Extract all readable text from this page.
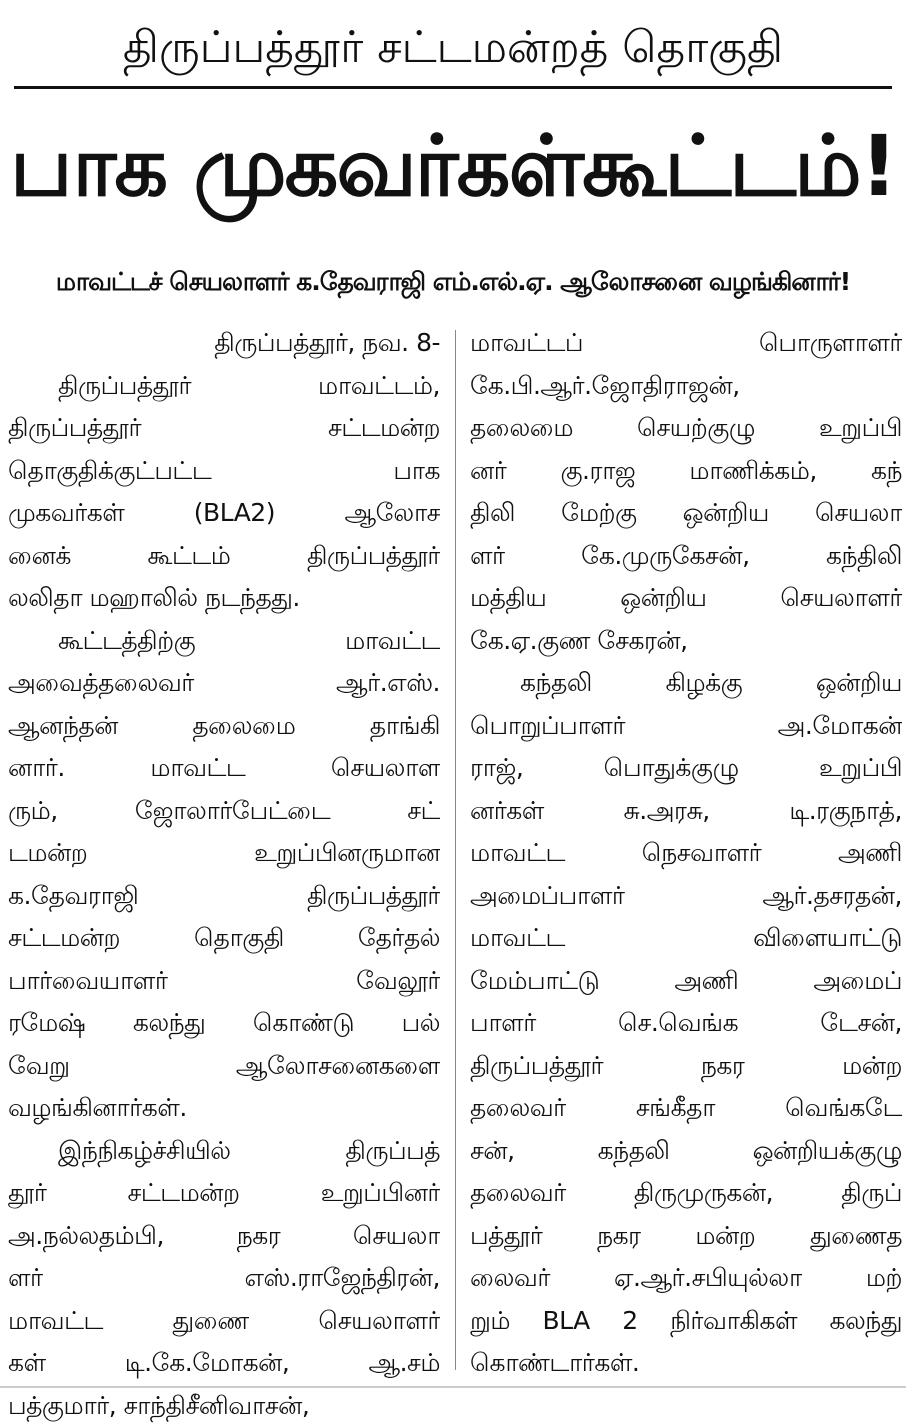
திருப்பத்தூர் சட்டமன்றத் தொகுதி
பாக முகவர்கள்கூட்டம்!
மாவட்டச் செயலாளர் க.தேவராஜி எம்.எல்.ஏ. ஆலோசனை வழங்கினார்!
திருப்பத்தூர், நவ. 8-
திருப்பத்தூர் மாவட்டம்,
திருப்பத்தூர் சட்டமன்ற
தொகுதிக்குட்பட்ட பாக
முகவர்கள் (BLA2) ஆலோச
னைக் கூட்டம் திருப்பத்தூர்
லலிதா மஹாலில் நடந்தது.
கூட்டத்திற்கு மாவட்ட
அவைத்தலைவர் ஆர்.எஸ்.
ஆனந்தன் தலைமை தாங்கி
னார். மாவட்ட செயலாள
ரும், ஜோலார்பேட்டை சட்
டமன்ற உறுப்பினருமான
க.தேவராஜி திருப்பத்தூர்
சட்டமன்ற தொகுதி தேர்தல்
பார்வையாளர் வேலூர்
ரமேஷ் கலந்து கொண்டு பல்
வேறு ஆலோசனைகளை
வழங்கினார்கள்.
இந்நிகழ்ச்சியில் திருப்பத்
தூர் சட்டமன்ற உறுப்பினர்
அ.நல்லதம்பி, நகர செயலா
ளர் எஸ்.ராஜேந்திரன்,
மாவட்ட துணை செயலாளர்
கள் டி.கே.மோகன், ஆ.சம்
பத்குமார், சாந்திசீனிவாசன்,
மாவட்டப் பொருளாளர்
கே.பி.ஆர்.ஜோதிராஜன்,
தலைமை செயற்குழு உறுப்பி
னர் கு.ராஜ மாணிக்கம், கந்
திலி மேற்கு ஒன்றிய செயலா
ளர் கே.முருகேசன், கந்திலி
மத்திய ஒன்றிய செயலாளர்
கே.ஏ.குண சேகரன்,
கந்தலி கிழக்கு ஒன்றிய
பொறுப்பாளர் அ.மோகன்
ராஜ், பொதுக்குழு உறுப்பி
னர்கள் சு.அரசு, டி.ரகுநாத்,
மாவட்ட நெசவாளர் அணி
அமைப்பாளர் ஆர்.தசரதன்,
மாவட்ட விளையாட்டு
மேம்பாட்டு அணி அமைப்
பாளர் செ.வெங்க டேசன்,
திருப்பத்தூர் நகர மன்ற
தலைவர் சங்கீதா வெங்கடே
சன், கந்தலி ஒன்றியக்குழு
தலைவர் திருமுருகன், திருப்
பத்தூர் நகர மன்ற துணைத
லைவர் ஏ.ஆர்.சபியுல்லா மற்
றும் BLA 2 நிர்வாகிகள் கலந்து
கொண்டார்கள்.
